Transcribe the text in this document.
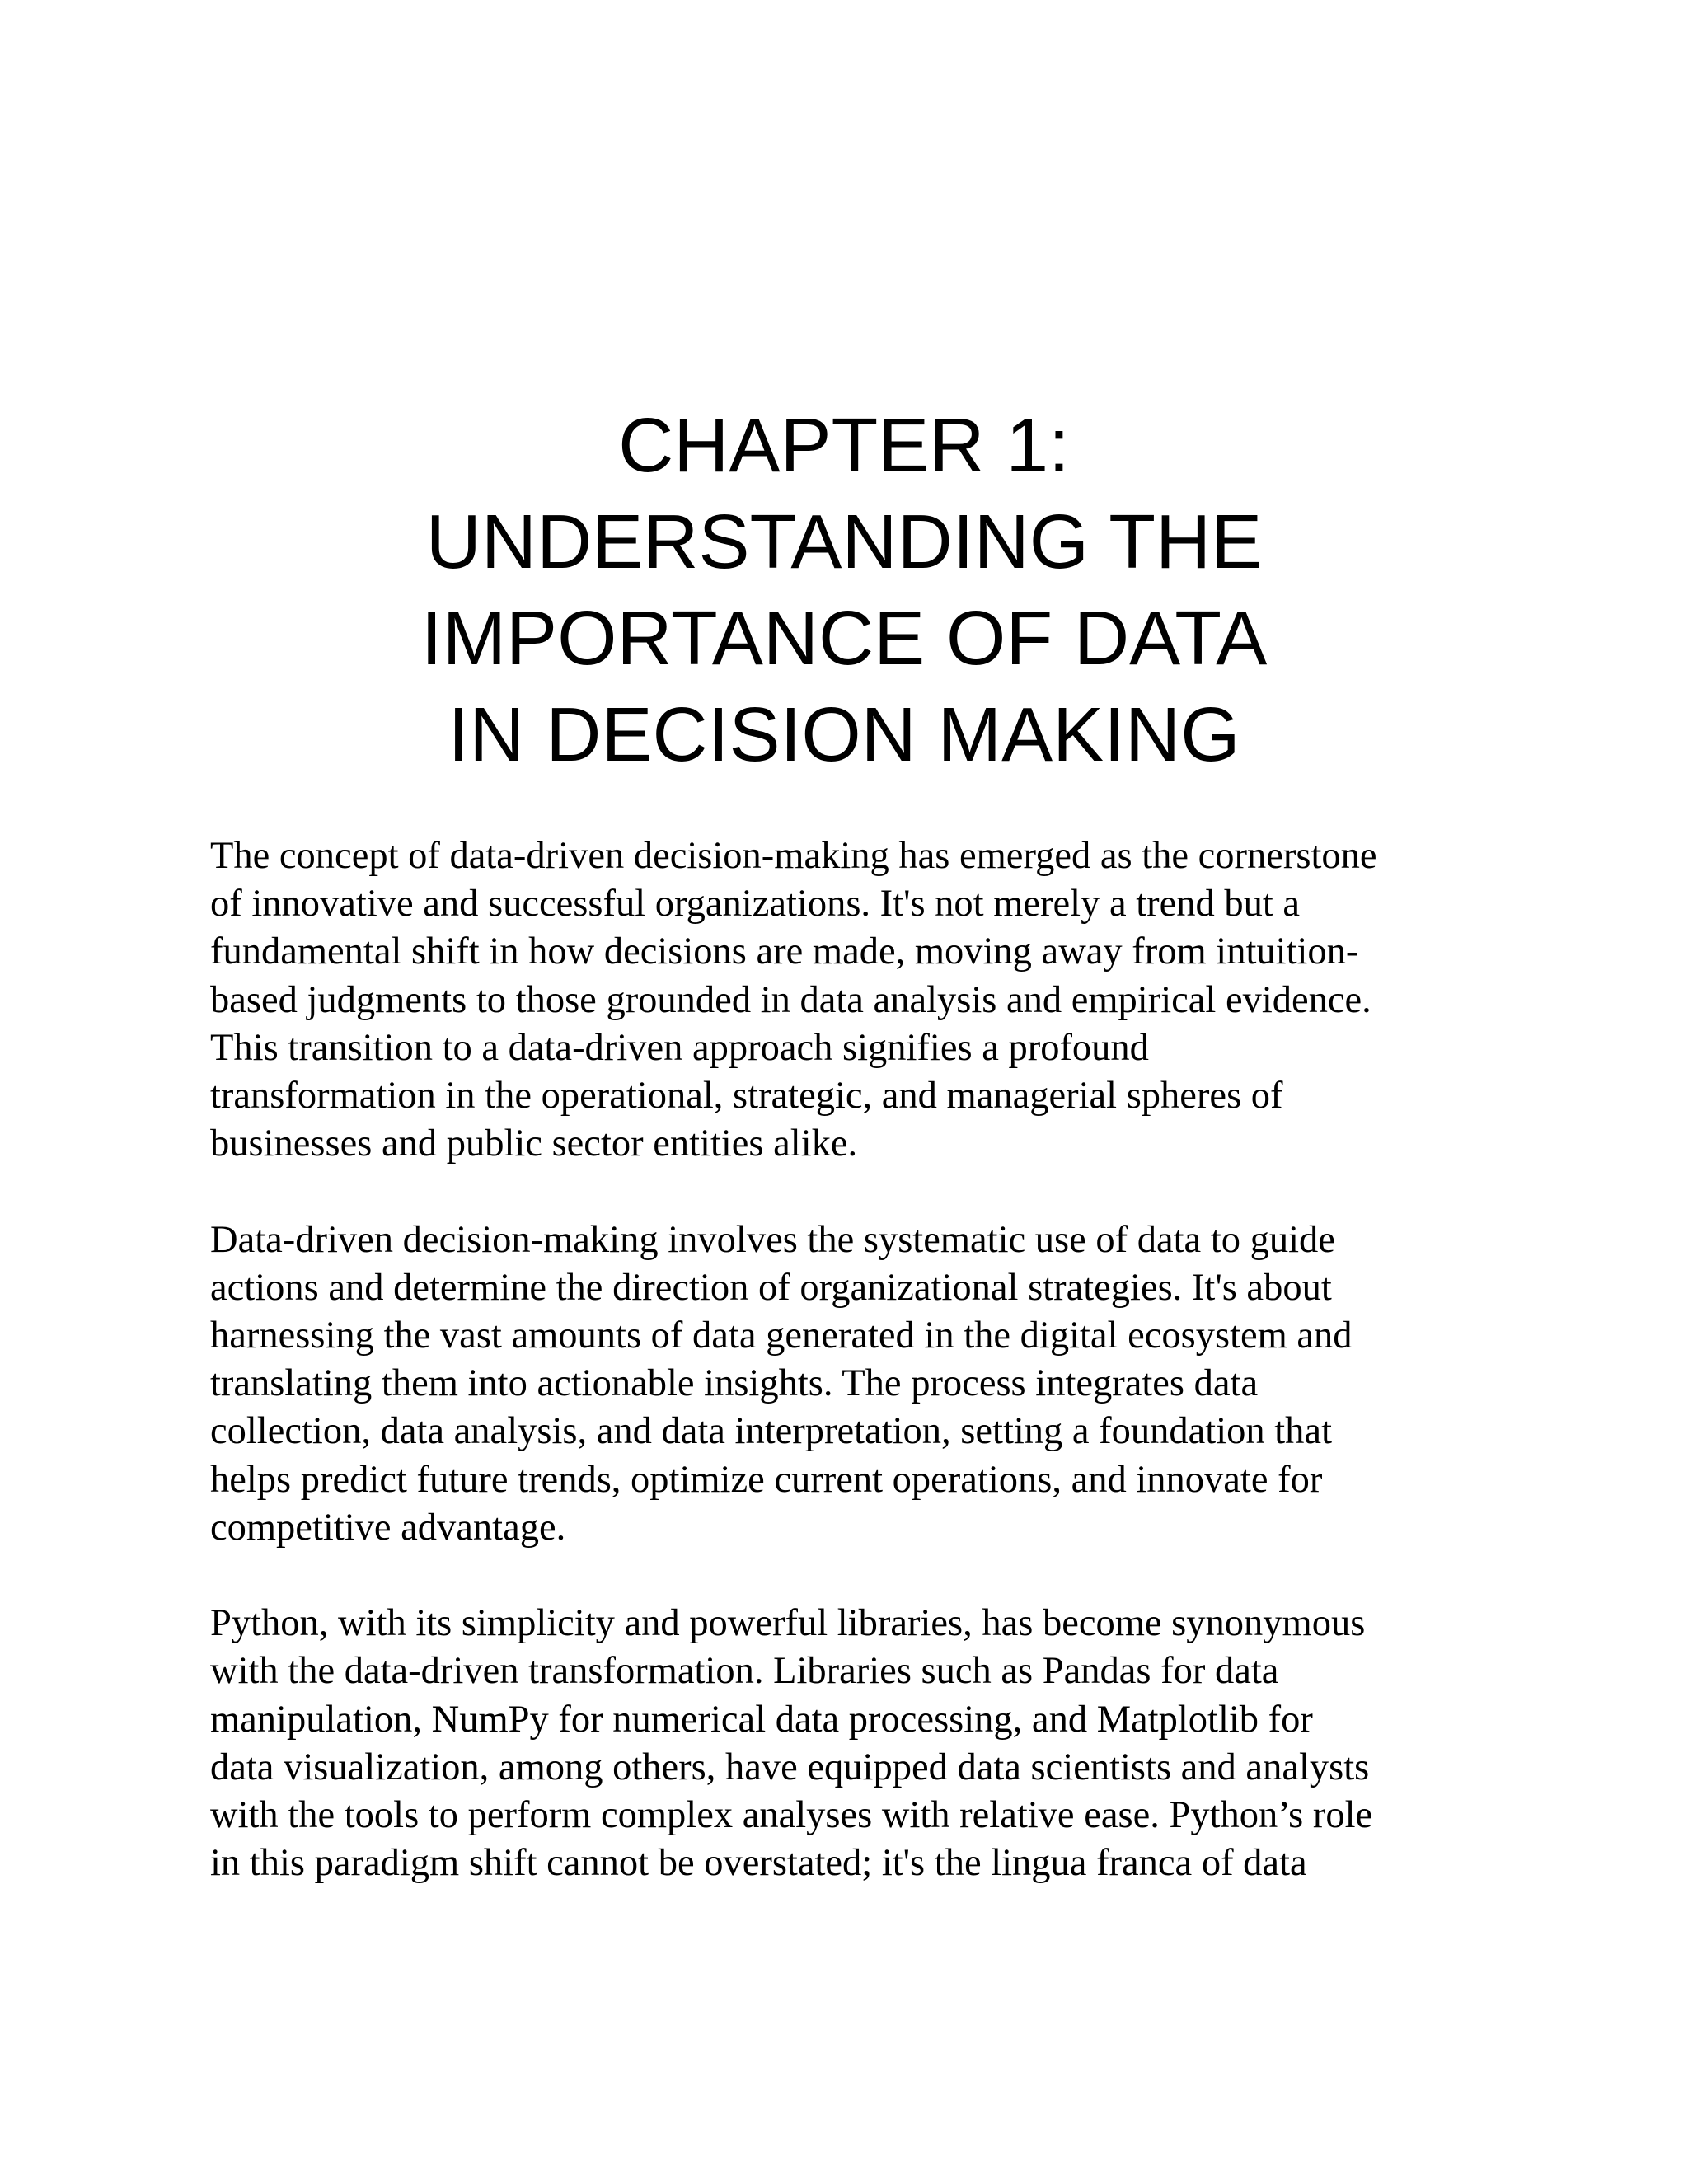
CHAPTER 1:
UNDERSTANDING THE
IMPORTANCE OF DATA
IN DECISION MAKING

The concept of data-driven decision-making has emerged as the cornerstone
of innovative and successful organizations. It's not merely a trend but a
fundamental shift in how decisions are made, moving away from intuition-
based judgments to those grounded in data analysis and empirical evidence.
This transition to a data-driven approach signifies a profound
transformation in the operational, strategic, and managerial spheres of
businesses and public sector entities alike.

Data-driven decision-making involves the systematic use of data to guide
actions and determine the direction of organizational strategies. It's about
harnessing the vast amounts of data generated in the digital ecosystem and
translating them into actionable insights. The process integrates data
collection, data analysis, and data interpretation, setting a foundation that
helps predict future trends, optimize current operations, and innovate for
competitive advantage.

Python, with its simplicity and powerful libraries, has become synonymous
with the data-driven transformation. Libraries such as Pandas for data
manipulation, NumPy for numerical data processing, and Matplotlib for
data visualization, among others, have equipped data scientists and analysts
with the tools to perform complex analyses with relative ease. Python’s role
in this paradigm shift cannot be overstated; it's the lingua franca of data
